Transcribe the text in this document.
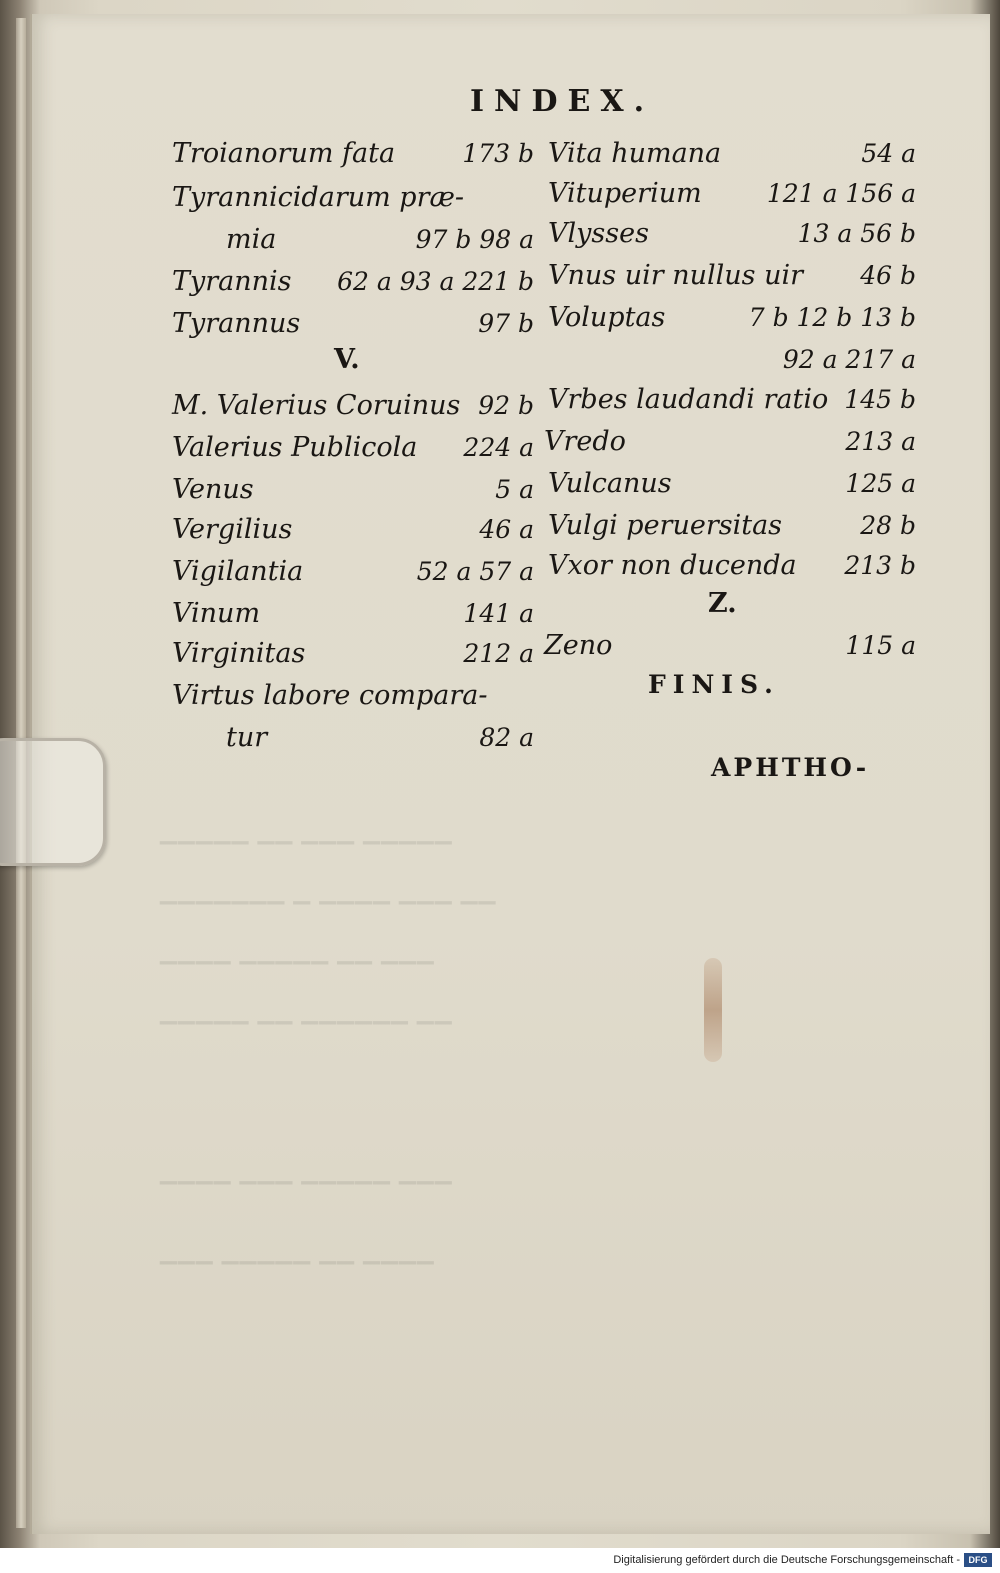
▁▁▁▁▁ ▁▁ ▁▁▁ ▁▁▁▁▁
▁▁▁▁▁▁▁ ▁ ▁▁▁▁ ▁▁▁ ▁▁
▁▁▁▁ ▁▁▁▁▁ ▁▁ ▁▁▁
▁▁▁▁▁ ▁▁ ▁▁▁▁▁▁ ▁▁
▁▁▁▁ ▁▁▁ ▁▁▁▁▁ ▁▁▁
▁▁▁ ▁▁▁▁▁ ▁▁ ▁▁▁▁
INDEX.
Troianorum fata	173 b
Tyrannicidarum præ-
mia	97 b 98 a
Tyrannis 62 a 93 a 221 b
Tyrannus	97 b
V.
M. Valerius Coruinus 92 b
Valerius Publicola 224 a
Venus	5 a
Vergilius	46 a
Vigilantia	52 a 57 a
Vinum	141 a
Virginitas	212 a
Virtus labore compara-
tur	82 a
Vita humana	54 a
Vituperium	121 a 156 a
Vlysses	13 a 56 b
Vnus uir nullus uir 46 b
Voluptas	7 b 12 b 13 b
92 a 217 a
Vrbes laudandi ratio 145 b
Vredo	213 a
Vulcanus	125 a
Vulgi peruersitas	28 b
Vxor non ducenda 213 b
Z.
Zeno	115 a
FINIS.
APHTHO-
Digitalisierung gefördert durch die Deutsche Forschungsgemeinschaft - DFG
